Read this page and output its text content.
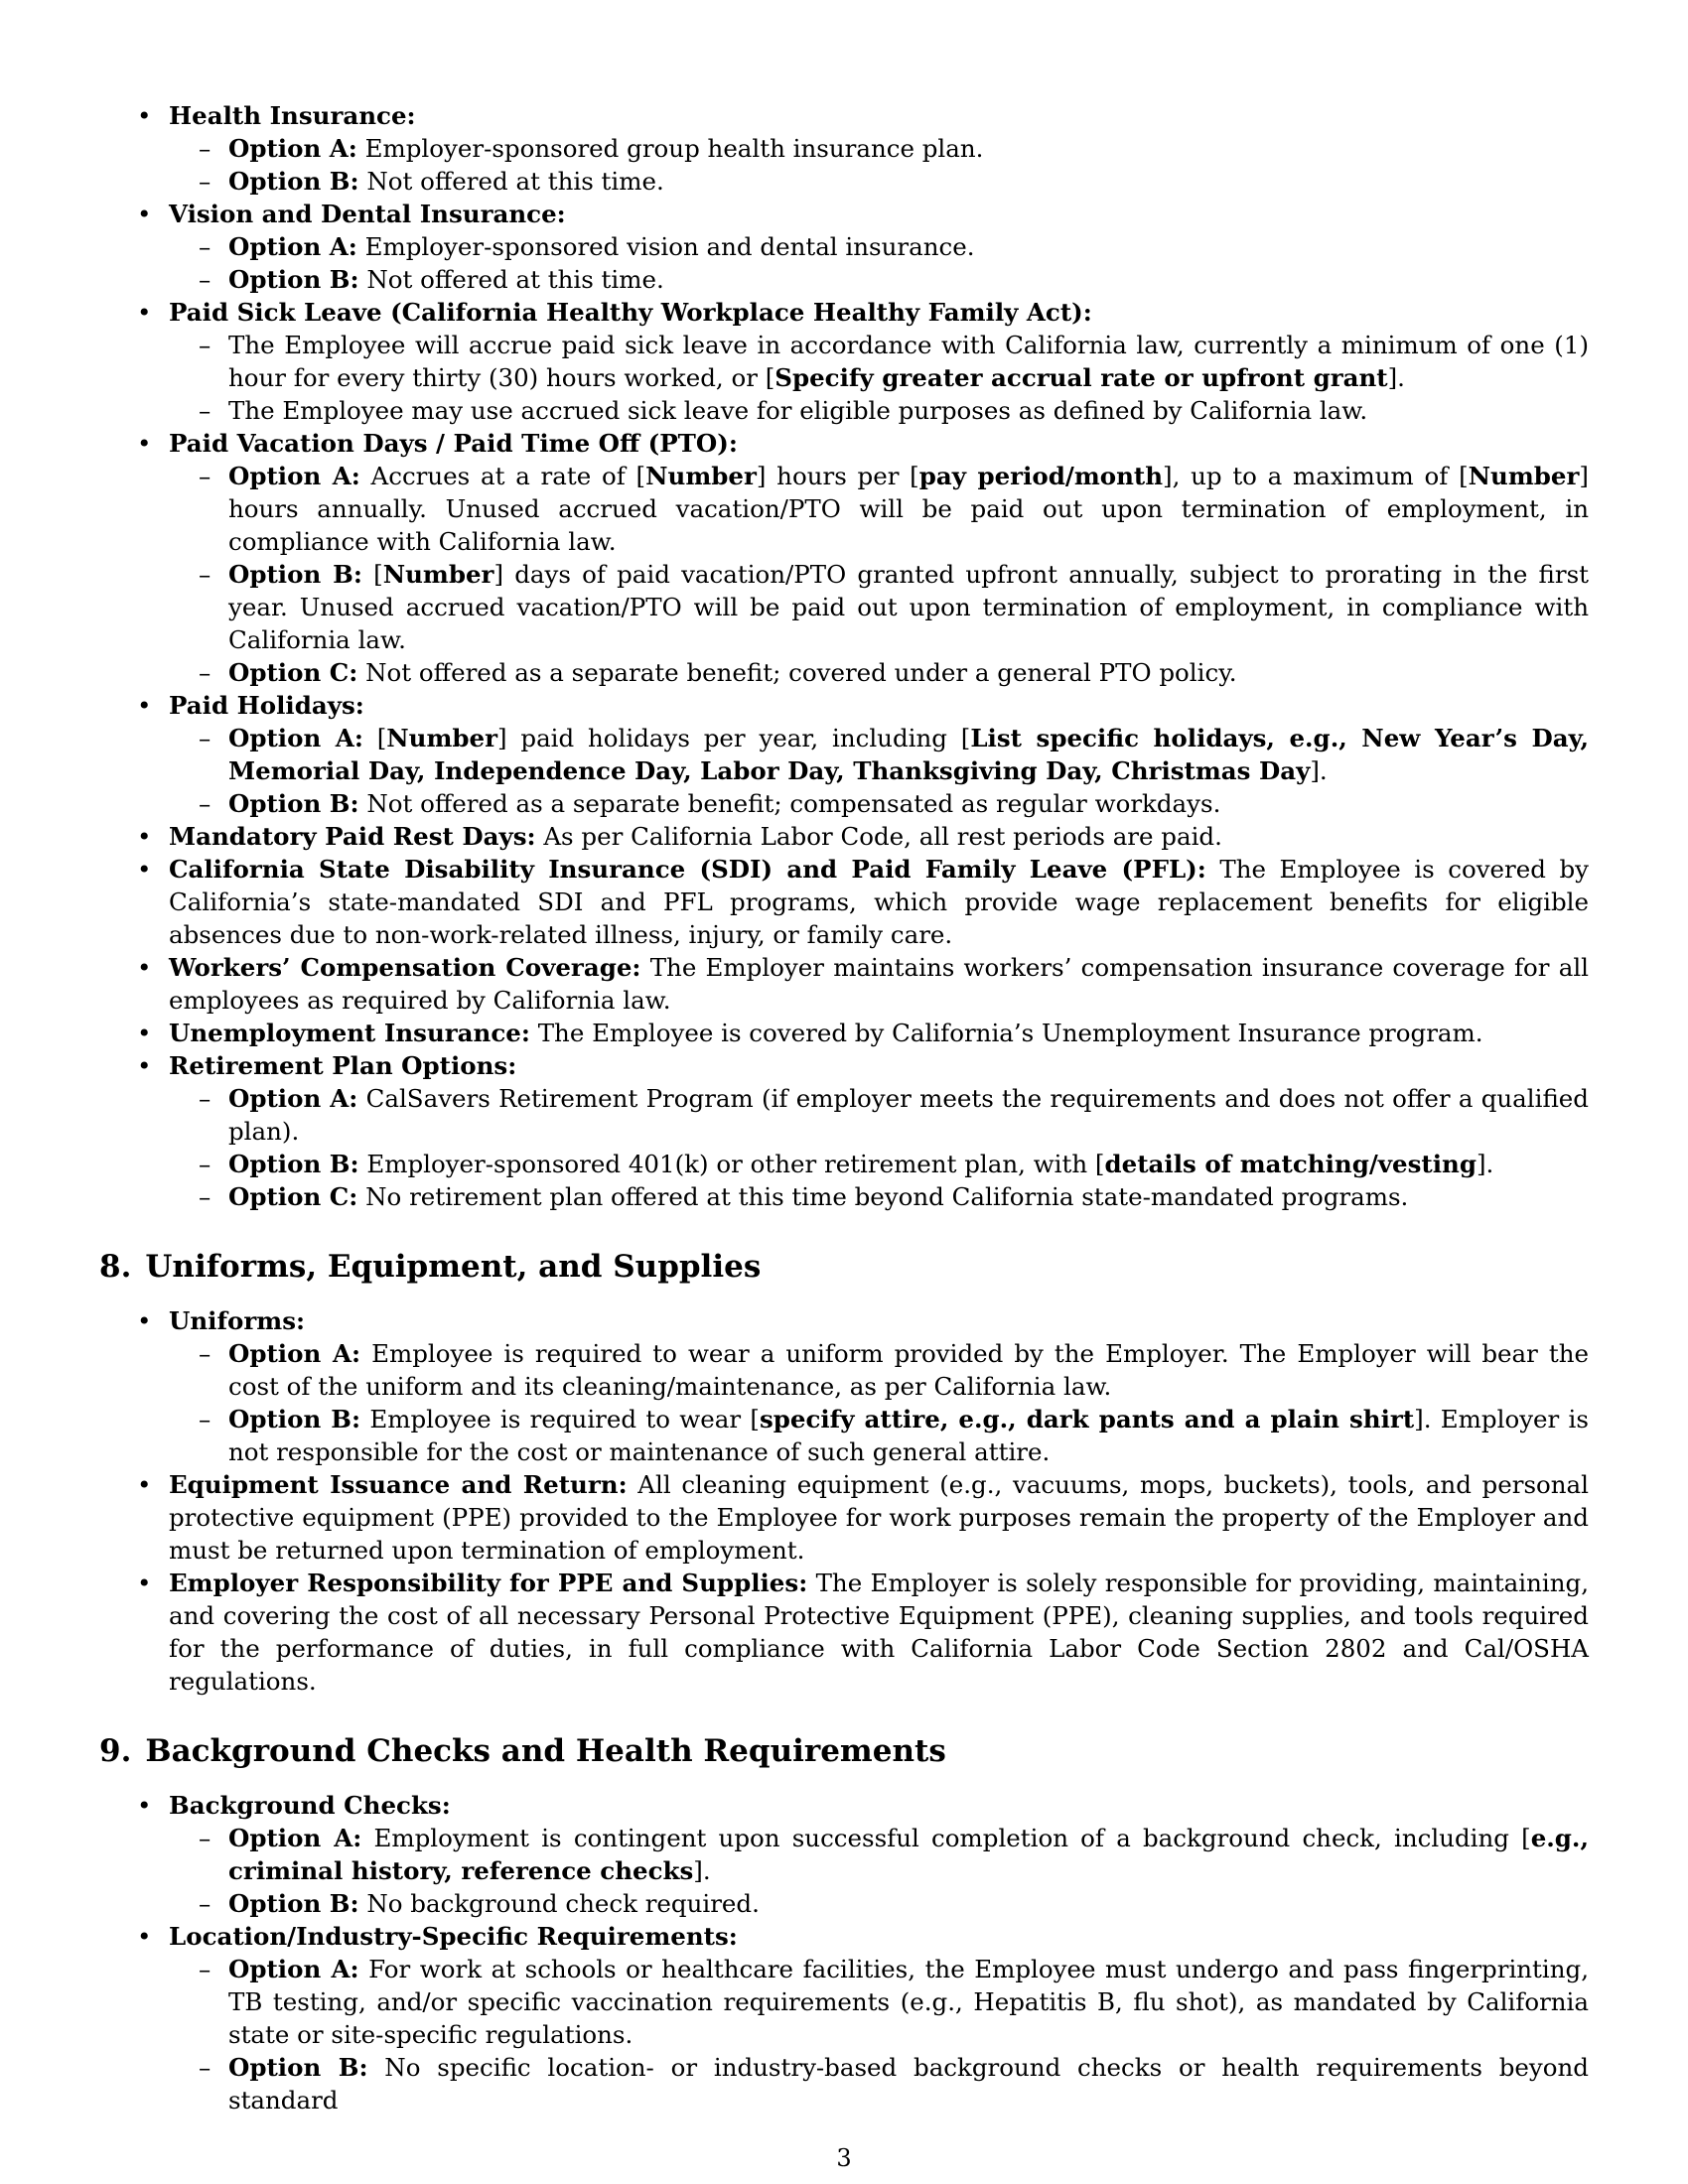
• Health Insurance:
– Option A: Employer-sponsored group health insurance plan.
– Option B: Not offered at this time.
• Vision and Dental Insurance:
– Option A: Employer-sponsored vision and dental insurance.
– Option B: Not offered at this time.
• Paid Sick Leave (California Healthy Workplace Healthy Family Act):
– The Employee will accrue paid sick leave in accordance with California law, currently a minimum of one (1) hour for every thirty (30) hours worked, or [Specify greater accrual rate or upfront grant].
– The Employee may use accrued sick leave for eligible purposes as defined by California law.
• Paid Vacation Days / Paid Time Off (PTO):
– Option A: Accrues at a rate of [Number] hours per [pay period/month], up to a maximum of [Number] hours annually. Unused accrued vacation/PTO will be paid out upon termination of employment, in compliance with California law.
– Option B: [Number] days of paid vacation/PTO granted upfront annually, subject to prorating in the first year. Unused accrued vacation/PTO will be paid out upon termination of employment, in compliance with California law.
– Option C: Not offered as a separate benefit; covered under a general PTO policy.
• Paid Holidays:
– Option A: [Number] paid holidays per year, including [List specific holidays, e.g., New Year’s Day, Memorial Day, Independence Day, Labor Day, Thanksgiving Day, Christmas Day].
– Option B: Not offered as a separate benefit; compensated as regular workdays.
• Mandatory Paid Rest Days: As per California Labor Code, all rest periods are paid.
• California State Disability Insurance (SDI) and Paid Family Leave (PFL): The Employee is covered by California’s state-mandated SDI and PFL programs, which provide wage replacement benefits for eligible absences due to non-work-related illness, injury, or family care.
• Workers’ Compensation Coverage: The Employer maintains workers’ compensation insurance coverage for all employees as required by California law.
• Unemployment Insurance: The Employee is covered by California’s Unemployment Insurance program.
• Retirement Plan Options:
– Option A: CalSavers Retirement Program (if employer meets the requirements and does not offer a qualified plan).
– Option B: Employer-sponsored 401(k) or other retirement plan, with [details of matching/vesting].
– Option C: No retirement plan offered at this time beyond California state-mandated programs.
8. Uniforms, Equipment, and Supplies
• Uniforms:
– Option A: Employee is required to wear a uniform provided by the Employer. The Employer will bear the cost of the uniform and its cleaning/maintenance, as per California law.
– Option B: Employee is required to wear [specify attire, e.g., dark pants and a plain shirt]. Employer is not responsible for the cost or maintenance of such general attire.
• Equipment Issuance and Return: All cleaning equipment (e.g., vacuums, mops, buckets), tools, and personal protective equipment (PPE) provided to the Employee for work purposes remain the property of the Employer and must be returned upon termination of employment.
• Employer Responsibility for PPE and Supplies: The Employer is solely responsible for providing, maintaining, and covering the cost of all necessary Personal Protective Equipment (PPE), cleaning supplies, and tools required for the performance of duties, in full compliance with California Labor Code Section 2802 and Cal/OSHA regulations.
9. Background Checks and Health Requirements
• Background Checks:
– Option A: Employment is contingent upon successful completion of a background check, including [e.g., criminal history, reference checks].
– Option B: No background check required.
• Location/Industry-Specific Requirements:
– Option A: For work at schools or healthcare facilities, the Employee must undergo and pass fingerprinting, TB testing, and/or specific vaccination requirements (e.g., Hepatitis B, flu shot), as mandated by California state or site-specific regulations.
– Option B: No specific location- or industry-based background checks or health requirements beyond standard
3
